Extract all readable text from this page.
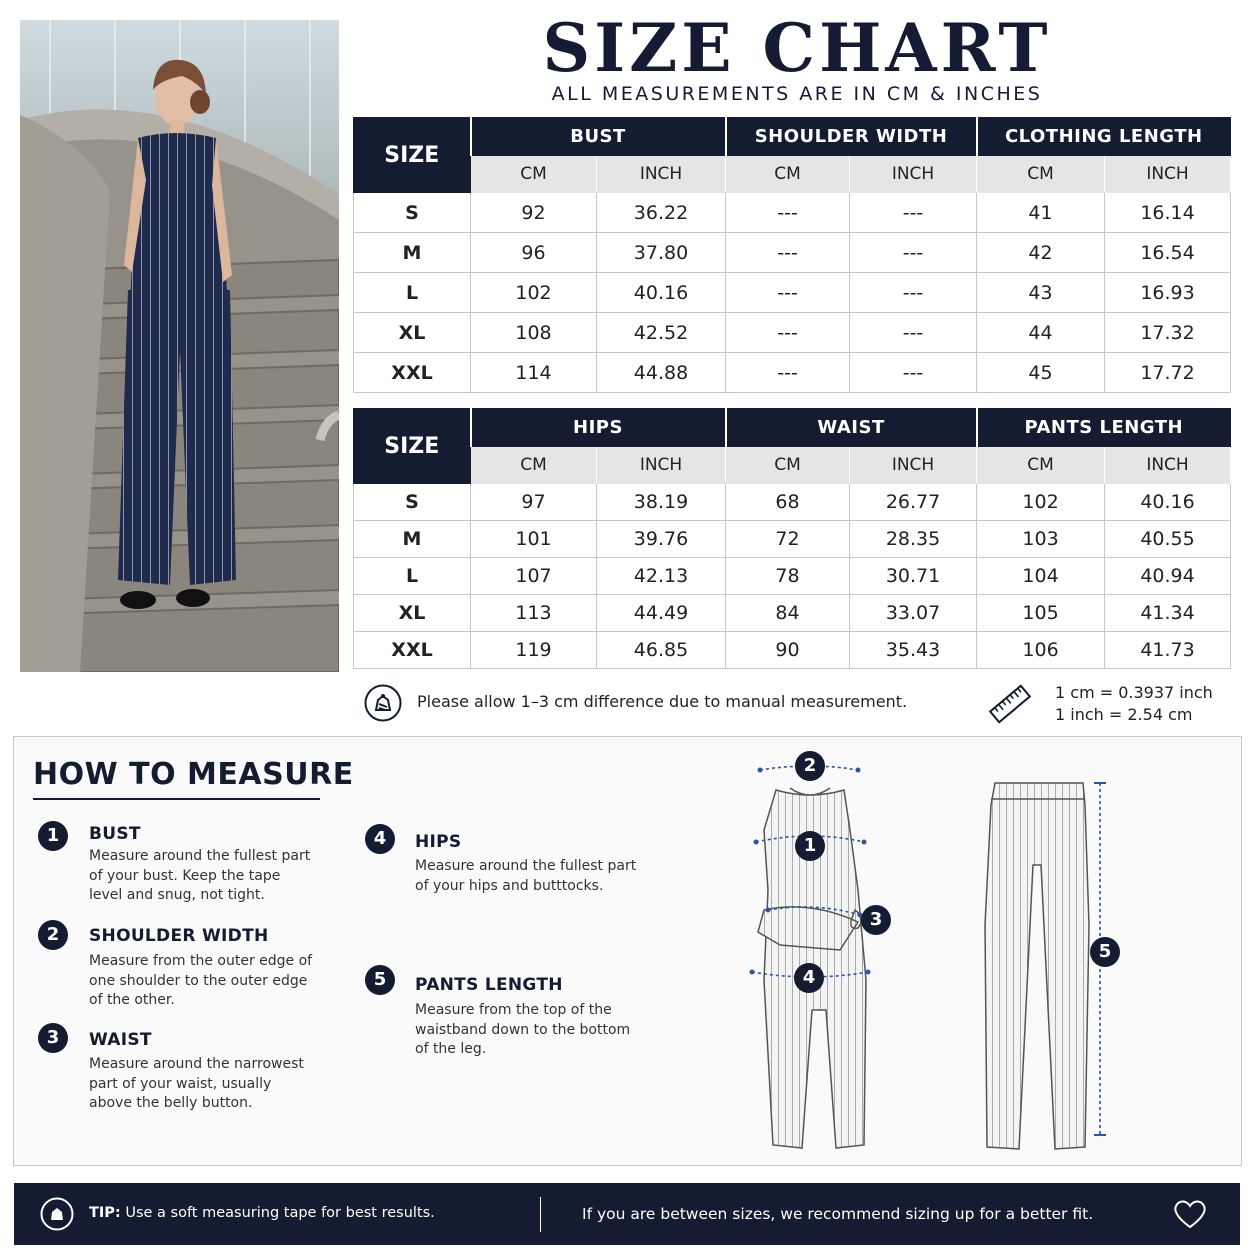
SIZE CHART
ALL MEASUREMENTS ARE IN CM & INCHES
SIZE	BUST		SHOULDER WIDTH		CLOTHING LENGTH	
	CM	INCH	CM	INCH	CM	INCH
S	92	36.22	---	---	41	16.14
M	96	37.80	---	---	42	16.54
L	102	40.16	---	---	43	16.93
XL	108	42.52	---	---	44	17.32
XXL	114	44.88	---	---	45	17.72
SIZE	HIPS		WAIST		PANTS LENGTH	
	CM	INCH	CM	INCH	CM	INCH
S	97	38.19	68	26.77	102	40.16
M	101	39.76	72	28.35	103	40.55
L	107	42.13	78	30.71	104	40.94
XL	113	44.49	84	33.07	105	41.34
XXL	119	46.85	90	35.43	106	41.73
Please allow 1–3 cm difference due to manual measurement.	1 cm = 0.3937 inch
1 inch = 2.54 cm
HOW TO MEASURE
1	BUST
Measure around the fullest part
of your bust. Keep the tape
level and snug, not tight.
2	SHOULDER WIDTH
Measure from the outer edge of
one shoulder to the outer edge
of the other.
3	WAIST
Measure around the narrowest
part of your waist, usually
above the belly button.
4	HIPS
Measure around the fullest part
of your hips and butttocks.
5	PANTS LENGTH
Measure from the top of the
waistband down to the bottom
of the leg.
2
1
3
4
5
TIP: Use a soft measuring tape for best results.	If you are between sizes, we recommend sizing up for a better fit.
